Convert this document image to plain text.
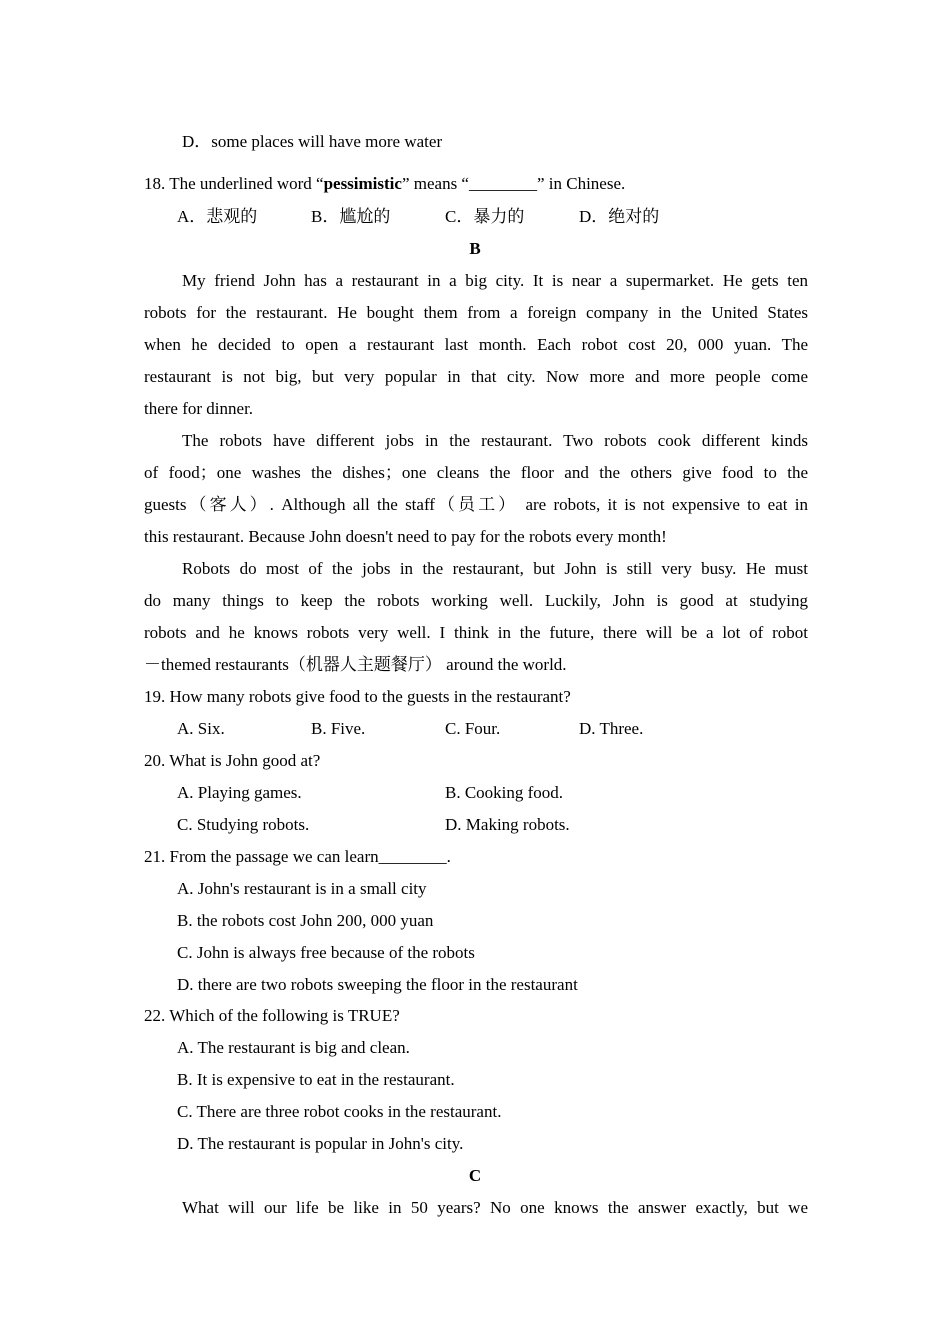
D．some places will have more water
18. The underlined word “pessimistic” means “________” in Chinese.
A．悲观的	B．尴尬的	C．暴力的	D．绝对的
B
My friend John has a restaurant in a big city. It is near a supermarket. He gets ten
robots for the restaurant. He bought them from a foreign company in the United States
when he decided to open a restaurant last month. Each robot cost 20, 000 yuan. The
restaurant is not big, but very popular in that city. Now more and more people come
there for dinner.
The robots have different jobs in the restaurant. Two robots cook different kinds
of food；one washes the dishes；one cleans the floor and the others give food to the
guests（客人）. Although all the staff（员工） are robots, it is not expensive to eat in
this restaurant. Because John doesn't need to pay for the robots every month!
Robots do most of the jobs in the restaurant, but John is still very busy. He must
do many things to keep the robots working well. Luckily, John is good at studying
robots and he knows robots very well. I think in the future, there will be a lot of robot
－themed restaurants（机器人主题餐厅） around the world.
19. How many robots give food to the guests in the restaurant?
A. Six.	B. Five.	C. Four.	D. Three.
20. What is John good at?
A. Playing games.	B. Cooking food.
C. Studying robots.	D. Making robots.
21. From the passage we can learn________.
A. John's restaurant is in a small city
B. the robots cost John 200, 000 yuan
C. John is always free because of the robots
D. there are two robots sweeping the floor in the restaurant
22. Which of the following is TRUE?
A. The restaurant is big and clean.
B. It is expensive to eat in the restaurant.
C. There are three robot cooks in the restaurant.
D. The restaurant is popular in John's city.
C
What will our life be like in 50 years? No one knows the answer exactly, but we
